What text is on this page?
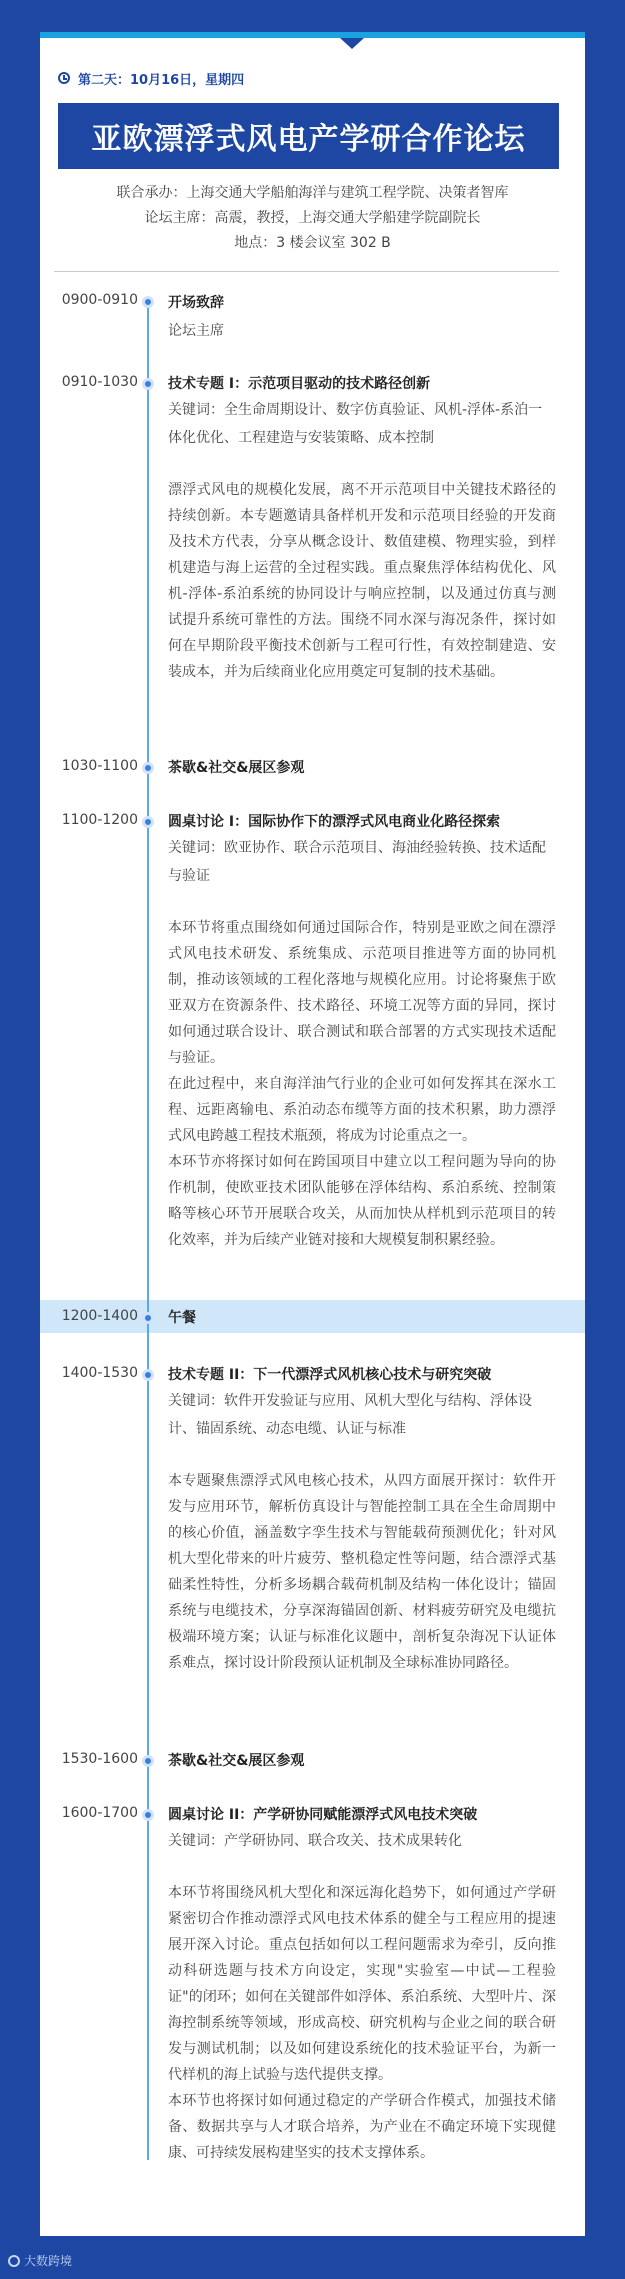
第二天：10月16日，星期四
亚欧漂浮式风电产学研合作论坛
联合承办：上海交通大学船舶海洋与建筑工程学院、决策者智库
论坛主席：高震，教授，上海交通大学船建学院副院长
地点：3 楼会议室 302 B
0900-0910 开场致辞
论坛主席
0910-1030 技术专题 I：示范项目驱动的技术路径创新
关键词：全生命周期设计、数字仿真验证、风机-浮体-系泊一体化优化、工程建造与安装策略、成本控制
漂浮式风电的规模化发展，离不开示范项目中关键技术路径的持续创新。本专题邀请具备样机开发和示范项目经验的开发商及技术方代表，分享从概念设计、数值建模、物理实验，到样机建造与海上运营的全过程实践。重点聚焦浮体结构优化、风机-浮体-系泊系统的协同设计与响应控制，以及通过仿真与测试提升系统可靠性的方法。围绕不同水深与海况条件，探讨如何在早期阶段平衡技术创新与工程可行性，有效控制建造、安装成本，并为后续商业化应用奠定可复制的技术基础。
1030-1100 茶歇&社交&展区参观
1100-1200 圆桌讨论 I：国际协作下的漂浮式风电商业化路径探索
关键词：欧亚协作、联合示范项目、海油经验转换、技术适配与验证
本环节将重点围绕如何通过国际合作，特别是亚欧之间在漂浮式风电技术研发、系统集成、示范项目推进等方面的协同机制，推动该领域的工程化落地与规模化应用。讨论将聚焦于欧亚双方在资源条件、技术路径、环境工况等方面的异同，探讨如何通过联合设计、联合测试和联合部署的方式实现技术适配与验证。
在此过程中，来自海洋油气行业的企业可如何发挥其在深水工程、远距离输电、系泊动态布缆等方面的技术积累，助力漂浮式风电跨越工程技术瓶颈，将成为讨论重点之一。
本环节亦将探讨如何在跨国项目中建立以工程问题为导向的协作机制，使欧亚技术团队能够在浮体结构、系泊系统、控制策略等核心环节开展联合攻关，从而加快从样机到示范项目的转化效率，并为后续产业链对接和大规模复制积累经验。
1200-1400 午餐
1400-1530 技术专题 II：下一代漂浮式风机核心技术与研究突破
关键词：软件开发验证与应用、风机大型化与结构、浮体设计、锚固系统、动态电缆、认证与标准
本专题聚焦漂浮式风电核心技术，从四方面展开探讨：软件开发与应用环节，解析仿真设计与智能控制工具在全生命周期中的核心价值，涵盖数字孪生技术与智能载荷预测优化；针对风机大型化带来的叶片疲劳、整机稳定性等问题，结合漂浮式基础柔性特性，分析多场耦合载荷机制及结构一体化设计；锚固系统与电缆技术，分享深海锚固创新、材料疲劳研究及电缆抗极端环境方案；认证与标准化议题中，剖析复杂海况下认证体系难点，探讨设计阶段预认证机制及全球标准协同路径。
1530-1600 茶歇&社交&展区参观
1600-1700 圆桌讨论 II：产学研协同赋能漂浮式风电技术突破
关键词：产学研协同、联合攻关、技术成果转化
本环节将围绕风机大型化和深远海化趋势下，如何通过产学研紧密切合作推动漂浮式风电技术体系的健全与工程应用的提速展开深入讨论。重点包括如何以工程问题需求为牵引，反向推动科研选题与技术方向设定，实现"实验室—中试—工程验证"的闭环；如何在关键部件如浮体、系泊系统、大型叶片、深海控制系统等领域，形成高校、研究机构与企业之间的联合研发与测试机制；以及如何建设系统化的技术验证平台，为新一代样机的海上试验与迭代提供支撑。
本环节也将探讨如何通过稳定的产学研合作模式，加强技术储备、数据共享与人才联合培养，为产业在不确定环境下实现健康、可持续发展构建坚实的技术支撑体系。
大数跨境
